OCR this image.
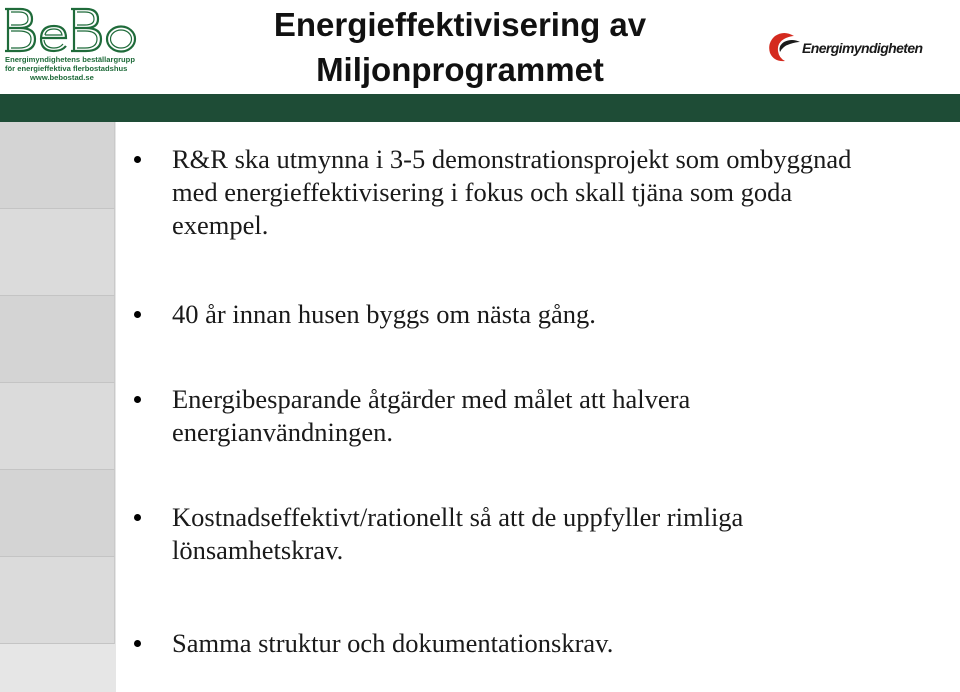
Energimyndighetens beställargrupp
för energieffektiva flerbostadshus
www.bebostad.se
Energieffektivisering av
Miljonprogrammet
Energimyndigheten
R&R ska utmynna i 3-5 demonstrationsprojekt som ombyggnad
med energieffektivisering i fokus och skall tjäna som goda
exempel.
40 år innan husen byggs om nästa gång.
Energibesparande åtgärder med målet att halvera
energianvändningen.
Kostnadseffektivt/rationellt så att de uppfyller rimliga
lönsamhetskrav.
Samma struktur och dokumentationskrav.
